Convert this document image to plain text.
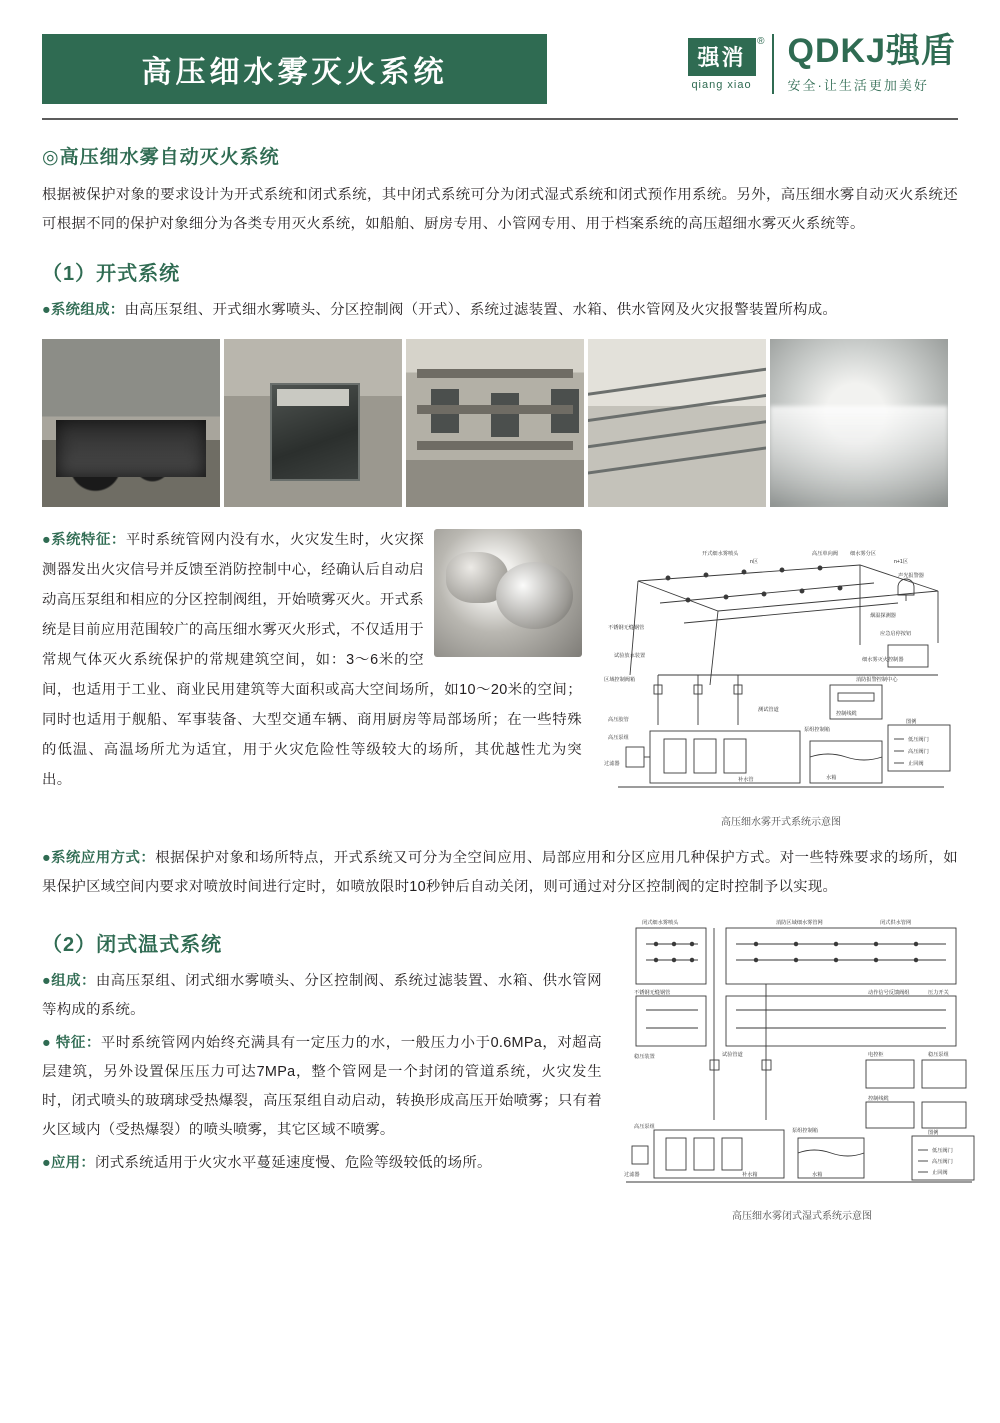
高压细水雾灭火系统	强消
®
qiang xiao
QDKJ强盾
安全·让生活更加美好
◎高压细水雾自动灭火系统

根据被保护对象的要求设计为开式系统和闭式系统，其中闭式系统可分为闭式湿式系统和闭式预作用系统。另外，高压细水雾自动灭火系统还可根据不同的保护对象细分为各类专用灭火系统，如船舶、厨房专用、小管网专用、用于档案系统的高压超细水雾灭火系统等。

（1）开式系统

●系统组成：由高压泵组、开式细水雾喷头、分区控制阀（开式）、系统过滤装置、水箱、供水管网及火灾报警装置所构成。

●系统特征：平时系统管网内没有水，火灾发生时，火灾探测器发出火灾信号并反馈至消防控制中心，经确认后自动启动高压泵组和相应的分区控制阀组，开始喷雾灭火。开式系统是目前应用范围较广的高压细水雾灭火形式，不仅适用于常规气体灭火系统保护的常规建筑空间，如：3～6米的空间，也适用于工业、商业民用建筑等大面积或高大空间场所，如10～20米的空间；同时也适用于舰船、军事装备、大型交通车辆、商用厨房等局部场所；在一些特殊的低温、高温场所尤为适宜，用于火灾危险性等级较大的场所，其优越性尤为突出。

高压单向阀
开式细水雾喷头	细水雾分区
n区	n+1区
声光报警器
不锈钢无缝钢管
烟温探测器
应急启停按钮
试验放水装置
细水雾灭火控制器
区域控制阀箱	消防报警控制中心
高压胶管
测试管道
控制线缆
高压泵组
泵组控制箱
过滤器
补水管	水箱
图例
低压阀门
高压阀门
止回阀
高压细水雾开式系统示意图

●系统应用方式：根据保护对象和场所特点，开式系统又可分为全空间应用、局部应用和分区应用几种保护方式。对一些特殊要求的场所，如果保护区域空间内要求对喷放时间进行定时，如喷放限时10秒钟后自动关闭，则可通过对分区控制阀的定时控制予以实现。

（2）闭式温式系统

●组成：由高压泵组、闭式细水雾喷头、分区控制阀、系统过滤装置、水箱、供水管网等构成的系统。

● 特征：平时系统管网内始终充满具有一定压力的水，一般压力小于0.6MPa，对超高层建筑，另外设置保压压力可达7MPa，整个管网是一个封闭的管道系统，火灾发生时，闭式喷头的玻璃球受热爆裂，高压泵组自动启动，转换形成高压开始喷雾；只有着火区域内（受热爆裂）的喷头喷雾，其它区域不喷雾。

●应用：闭式系统适用于火灾水平蔓延速度慢、危险等级较低的场所。

闭式细水雾喷头	消防区域细水雾管网	闭式供水管网
不锈钢无缝钢管	动作信号反馈阀组	压力开关
稳压装置	电控柜	稳压泵组
试验管道
控制线缆
高压泵组
泵组控制箱
过滤器	补水箱	水箱
图例
低压阀门
高压阀门
止回阀
高压细水雾闭式湿式系统示意图
